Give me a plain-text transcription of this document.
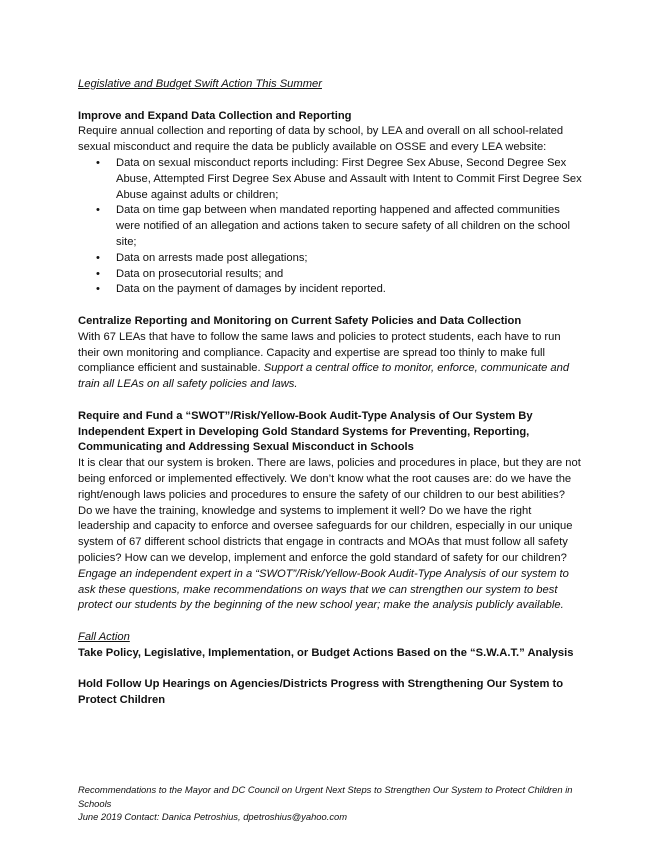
Legislative and Budget Swift Action This Summer

Improve and Expand Data Collection and Reporting

Require annual collection and reporting of data by school, by LEA and overall on all school-related sexual misconduct and require the data be publicly available on OSSE and every LEA website:

• Data on sexual misconduct reports including: First Degree Sex Abuse, Second Degree Sex Abuse, Attempted First Degree Sex Abuse and Assault with Intent to Commit First Degree Sex Abuse against adults or children;
• Data on time gap between when mandated reporting happened and affected communities were notified of an allegation and actions taken to secure safety of all children on the school site;
• Data on arrests made post allegations;
• Data on prosecutorial results; and
• Data on the payment of damages by incident reported.

Centralize Reporting and Monitoring on Current Safety Policies and Data Collection

With 67 LEAs that have to follow the same laws and policies to protect students, each have to run their own monitoring and compliance. Capacity and expertise are spread too thinly to make full compliance efficient and sustainable. Support a central office to monitor, enforce, communicate and train all LEAs on all safety policies and laws.

Require and Fund a “SWOT”/Risk/Yellow-Book Audit-Type Analysis of Our System By Independent Expert in Developing Gold Standard Systems for Preventing, Reporting, Communicating and Addressing Sexual Misconduct in Schools

It is clear that our system is broken. There are laws, policies and procedures in place, but they are not being enforced or implemented effectively. We don’t know what the root causes are: do we have the right/enough laws policies and procedures to ensure the safety of our children to our best abilities? Do we have the training, knowledge and systems to implement it well? Do we have the right leadership and capacity to enforce and oversee safeguards for our children, especially in our unique system of 67 different school districts that engage in contracts and MOAs that must follow all safety policies? How can we develop, implement and enforce the gold standard of safety for our children? Engage an independent expert in a “SWOT”/Risk/Yellow-Book Audit-Type Analysis of our system to ask these questions, make recommendations on ways that we can strengthen our system to best protect our students by the beginning of the new school year; make the analysis publicly available.

Fall Action

Take Policy, Legislative, Implementation, or Budget Actions Based on the “S.W.A.T.” Analysis

Hold Follow Up Hearings on Agencies/Districts Progress with Strengthening Our System to Protect Children

Recommendations to the Mayor and DC Council on Urgent Next Steps to Strengthen Our System to Protect Children in Schools

June 2019 Contact: Danica Petroshius, dpetroshius@yahoo.com
